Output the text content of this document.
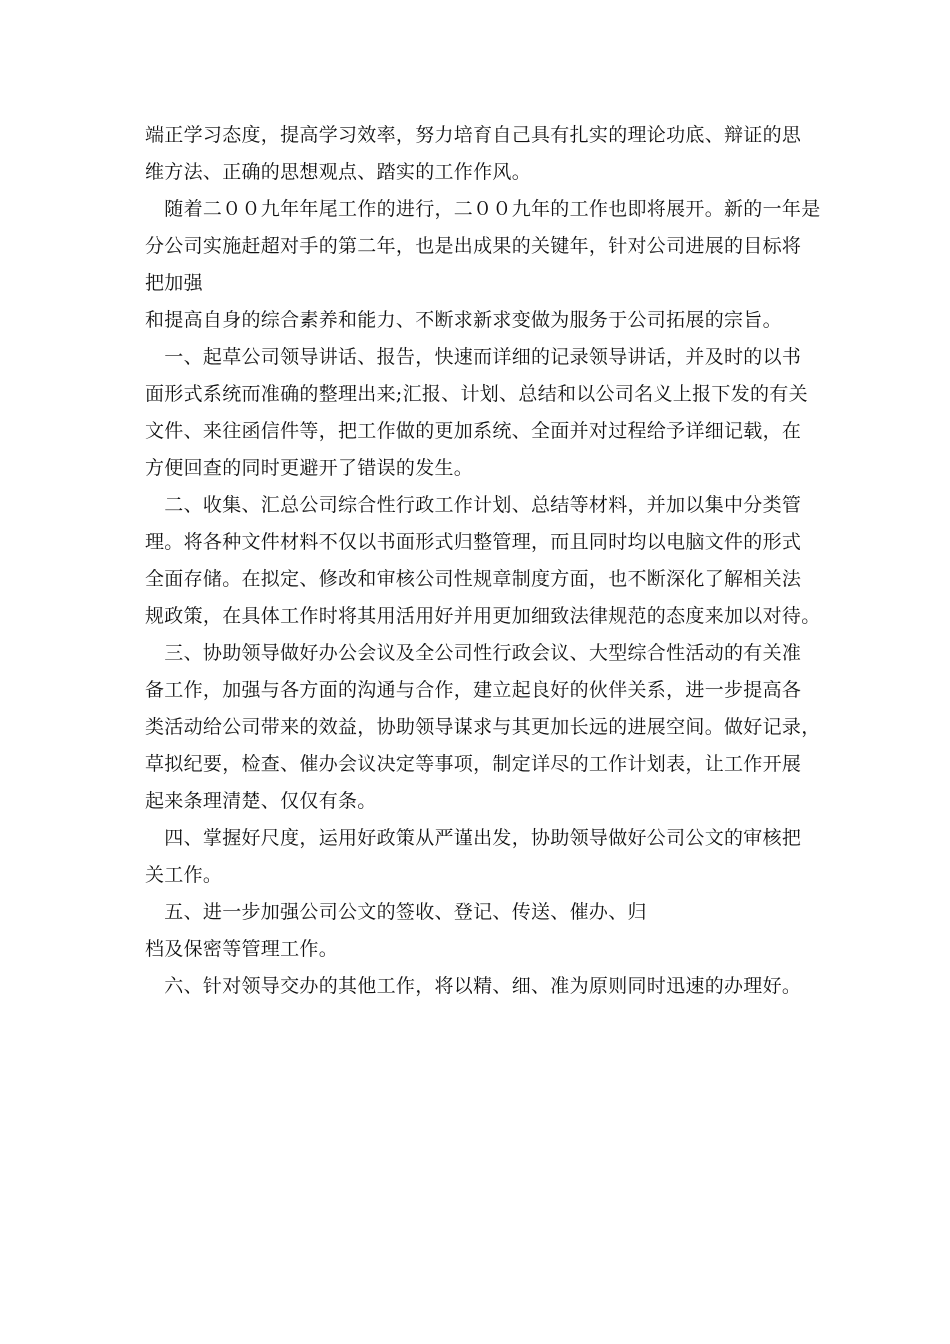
端正学习态度，提高学习效率，努力培育自己具有扎实的理论功底、辩证的思
维方法、正确的思想观点、踏实的工作作风。
　随着二００九年年尾工作的进行，二００九年的工作也即将展开。新的一年是
分公司实施赶超对手的第二年，也是出成果的关键年，针对公司进展的目标将
把加强
和提高自身的综合素养和能力、不断求新求变做为服务于公司拓展的宗旨。
　一、起草公司领导讲话、报告，快速而详细的记录领导讲话，并及时的以书
面形式系统而准确的整理出来;汇报、计划、总结和以公司名义上报下发的有关
文件、来往函信件等，把工作做的更加系统、全面并对过程给予详细记载，在
方便回查的同时更避开了错误的发生。
　二、收集、汇总公司综合性行政工作计划、总结等材料，并加以集中分类管
理。将各种文件材料不仅以书面形式归整管理，而且同时均以电脑文件的形式
全面存储。在拟定、修改和审核公司性规章制度方面，也不断深化了解相关法
规政策，在具体工作时将其用活用好并用更加细致法律规范的态度来加以对待。
　三、协助领导做好办公会议及全公司性行政会议、大型综合性活动的有关准
备工作，加强与各方面的沟通与合作，建立起良好的伙伴关系，进一步提高各
类活动给公司带来的效益，协助领导谋求与其更加长远的进展空间。做好记录，
草拟纪要，检查、催办会议决定等事项，制定详尽的工作计划表，让工作开展
起来条理清楚、仅仅有条。
　四、掌握好尺度，运用好政策从严谨出发，协助领导做好公司公文的审核把
关工作。
　五、进一步加强公司公文的签收、登记、传送、催办、归
档及保密等管理工作。
　六、针对领导交办的其他工作，将以精、细、准为原则同时迅速的办理好。
